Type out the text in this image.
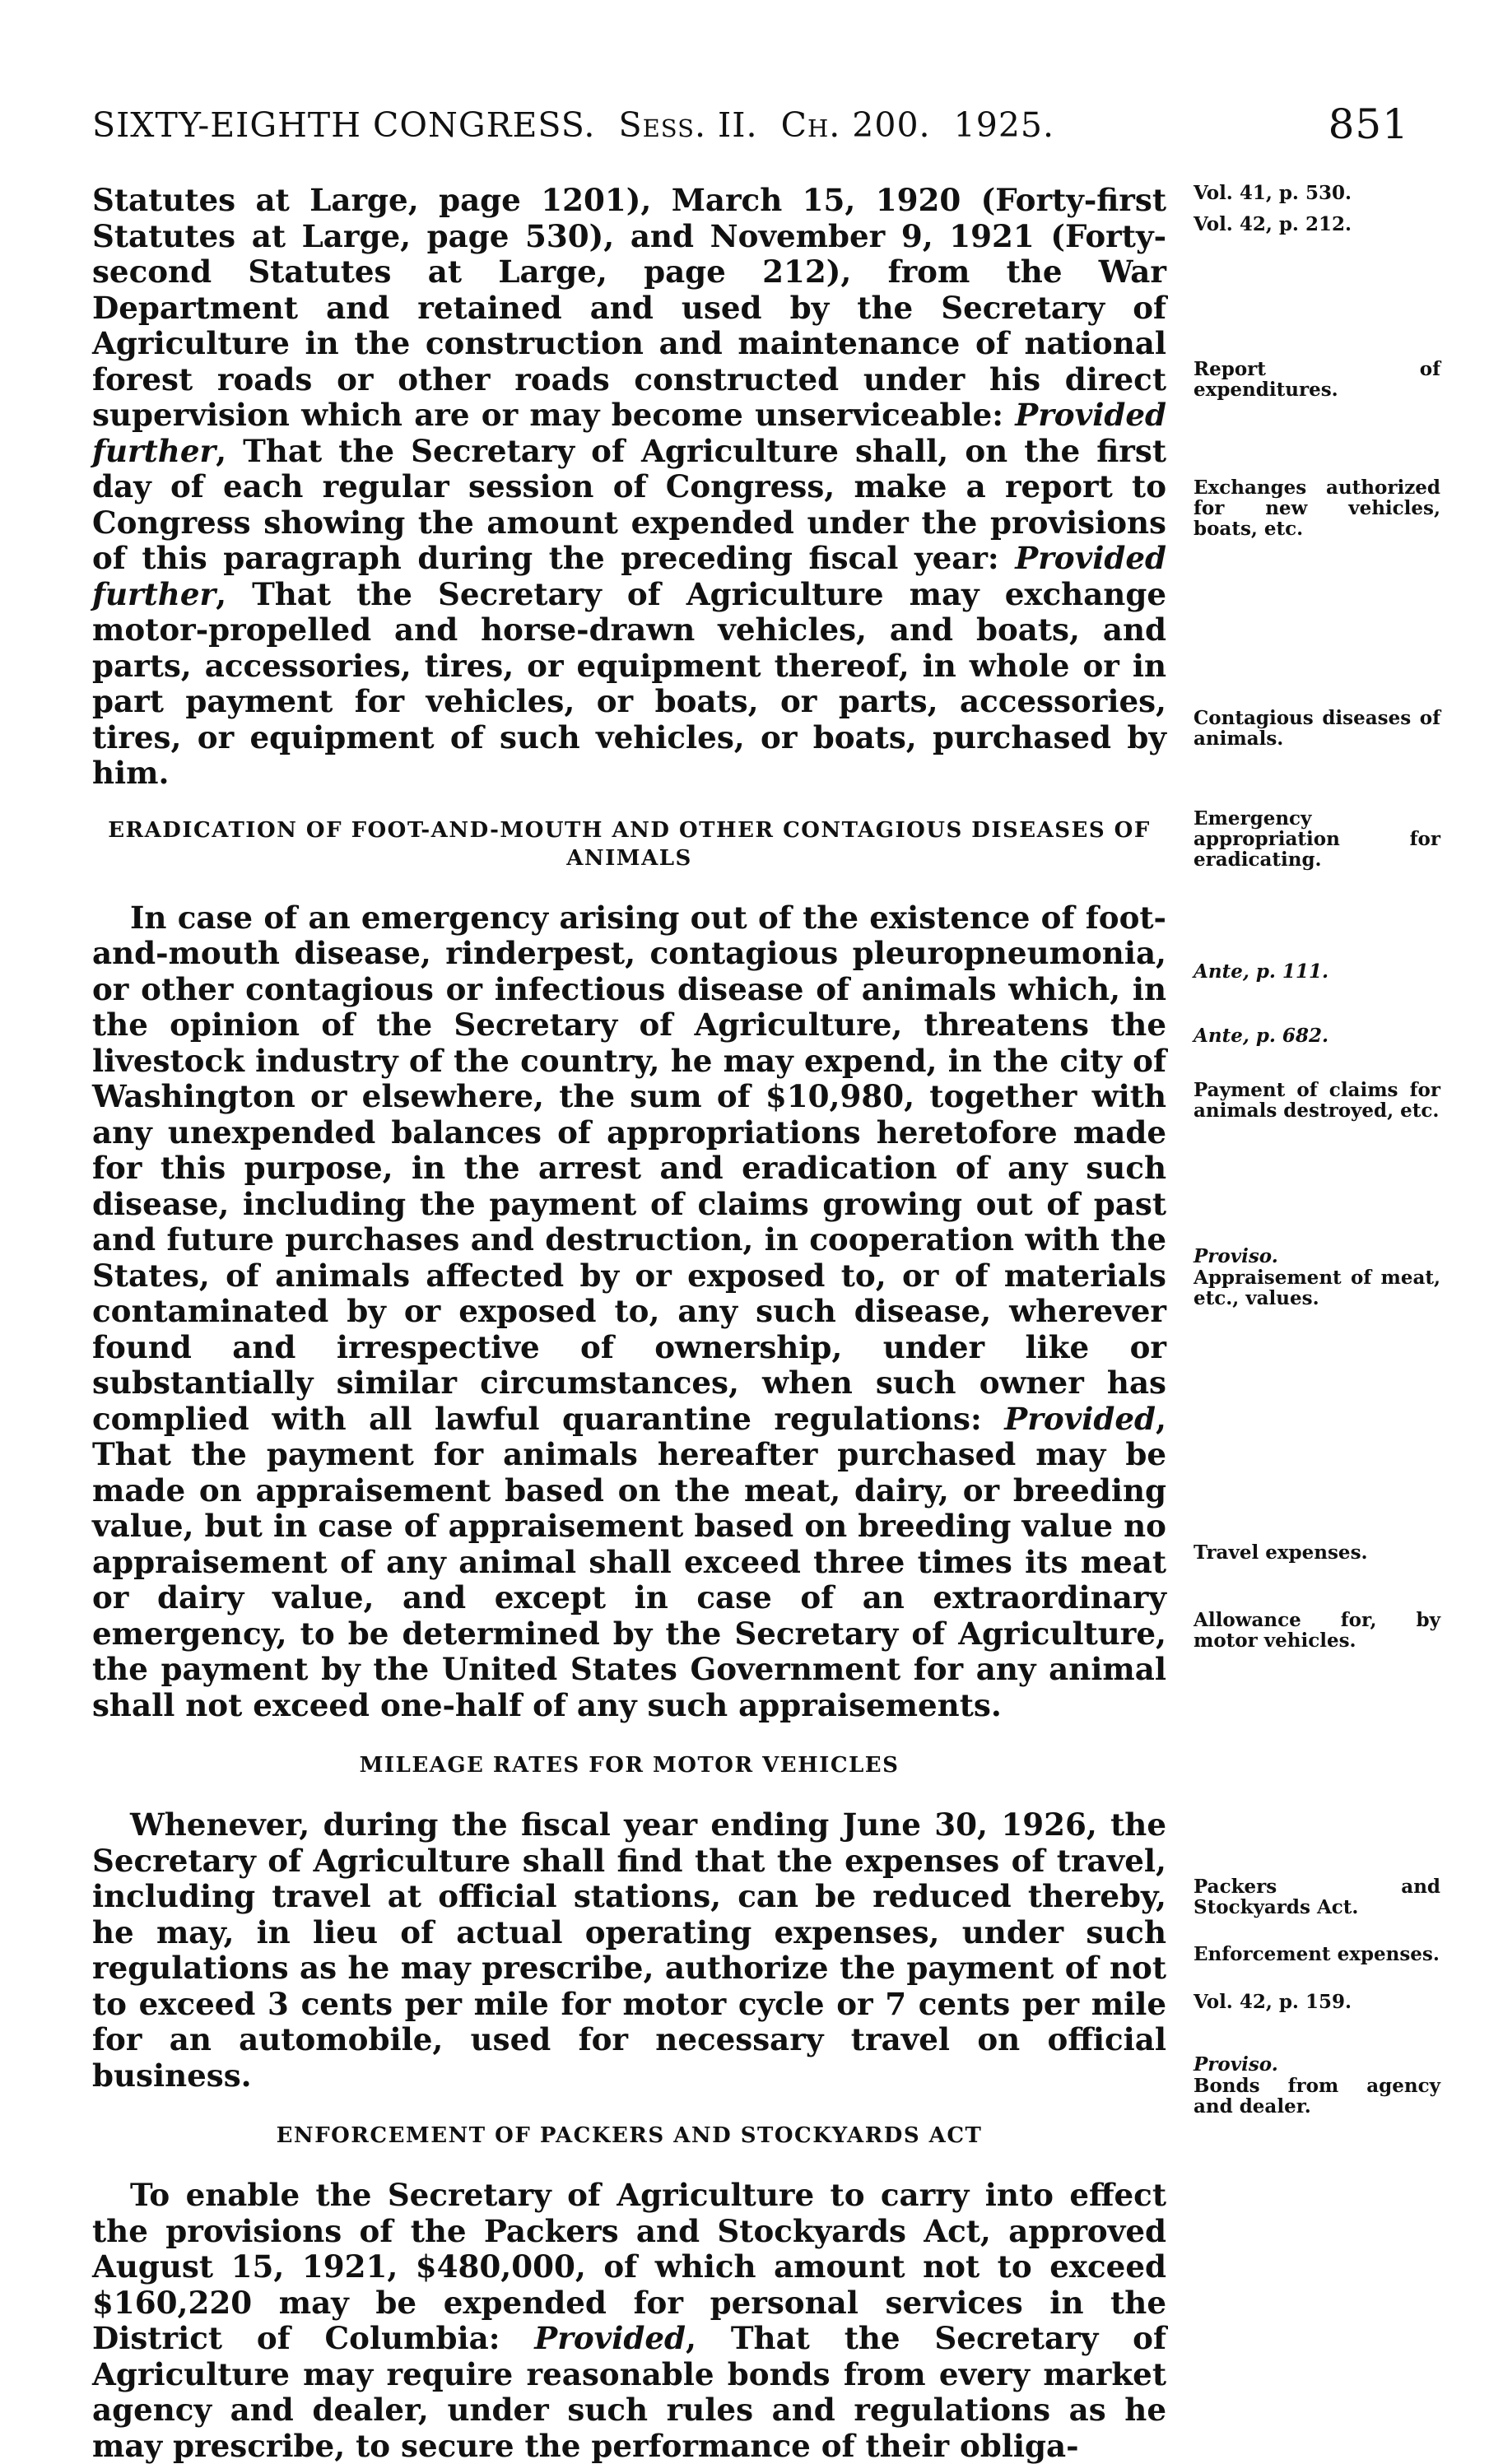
SIXTY-EIGHTH CONGRESS. Sess. II. Ch. 200. 1925.	851

Statutes at Large, page 1201), March 15, 1920 (Forty-first Statutes at Large, page 530), and November 9, 1921 (Forty-second Statutes at Large, page 212), from the War Department and retained and used by the Secretary of Agriculture in the construction and maintenance of national forest roads or other roads constructed under his direct supervision which are or may become unserviceable: Provided further, That the Secretary of Agriculture shall, on the first day of each regular session of Congress, make a report to Congress showing the amount expended under the provisions of this paragraph during the preceding fiscal year: Provided further, That the Secretary of Agriculture may exchange motor-propelled and horse-drawn vehicles, and boats, and parts, accessories, tires, or equipment thereof, in whole or in part payment for vehicles, or boats, or parts, accessories, tires, or equipment of such vehicles, or boats, purchased by him.

ERADICATION OF FOOT-AND-MOUTH AND OTHER CONTAGIOUS DISEASES OF
ANIMALS

In case of an emergency arising out of the existence of foot-and-mouth disease, rinderpest, contagious pleuropneumonia, or other contagious or infectious disease of animals which, in the opinion of the Secretary of Agriculture, threatens the livestock industry of the country, he may expend, in the city of Washington or elsewhere, the sum of $10,980, together with any unexpended balances of appropriations heretofore made for this purpose, in the arrest and eradication of any such disease, including the payment of claims growing out of past and future purchases and destruction, in cooperation with the States, of animals affected by or exposed to, or of materials contaminated by or exposed to, any such disease, wherever found and irrespective of ownership, under like or substantially similar circumstances, when such owner has complied with all lawful quarantine regulations: Provided, That the payment for animals hereafter purchased may be made on appraisement based on the meat, dairy, or breeding value, but in case of appraisement based on breeding value no appraisement of any animal shall exceed three times its meat or dairy value, and except in case of an extraordinary emergency, to be determined by the Secretary of Agriculture, the payment by the United States Government for any animal shall not exceed one-half of any such appraisements.

MILEAGE RATES FOR MOTOR VEHICLES

Whenever, during the fiscal year ending June 30, 1926, the Secretary of Agriculture shall find that the expenses of travel, including travel at official stations, can be reduced thereby, he may, in lieu of actual operating expenses, under such regulations as he may prescribe, authorize the payment of not to exceed 3 cents per mile for motor cycle or 7 cents per mile for an automobile, used for necessary travel on official business.

ENFORCEMENT OF PACKERS AND STOCKYARDS ACT

To enable the Secretary of Agriculture to carry into effect the provisions of the Packers and Stockyards Act, approved August 15, 1921, $480,000, of which amount not to exceed $160,220 may be expended for personal services in the District of Columbia: Provided, That the Secretary of Agriculture may require reasonable bonds from every market agency and dealer, under such rules and regulations as he may prescribe, to secure the performance of their obliga-

Vol. 41, p. 530.
Vol. 42, p. 212.
Report of expenditures.
Exchanges authorized for new vehicles, boats, etc.
Contagious diseases of animals.
Emergency appropriation for eradicating.
Ante, p. 111.
Ante, p. 682.
Payment of claims for animals destroyed, etc.
Proviso.
Appraisement of meat, etc., values.
Travel expenses.
Allowance for, by motor vehicles.
Packers and Stockyards Act.
Enforcement expenses.
Vol. 42, p. 159.
Proviso.
Bonds from agency and dealer.
